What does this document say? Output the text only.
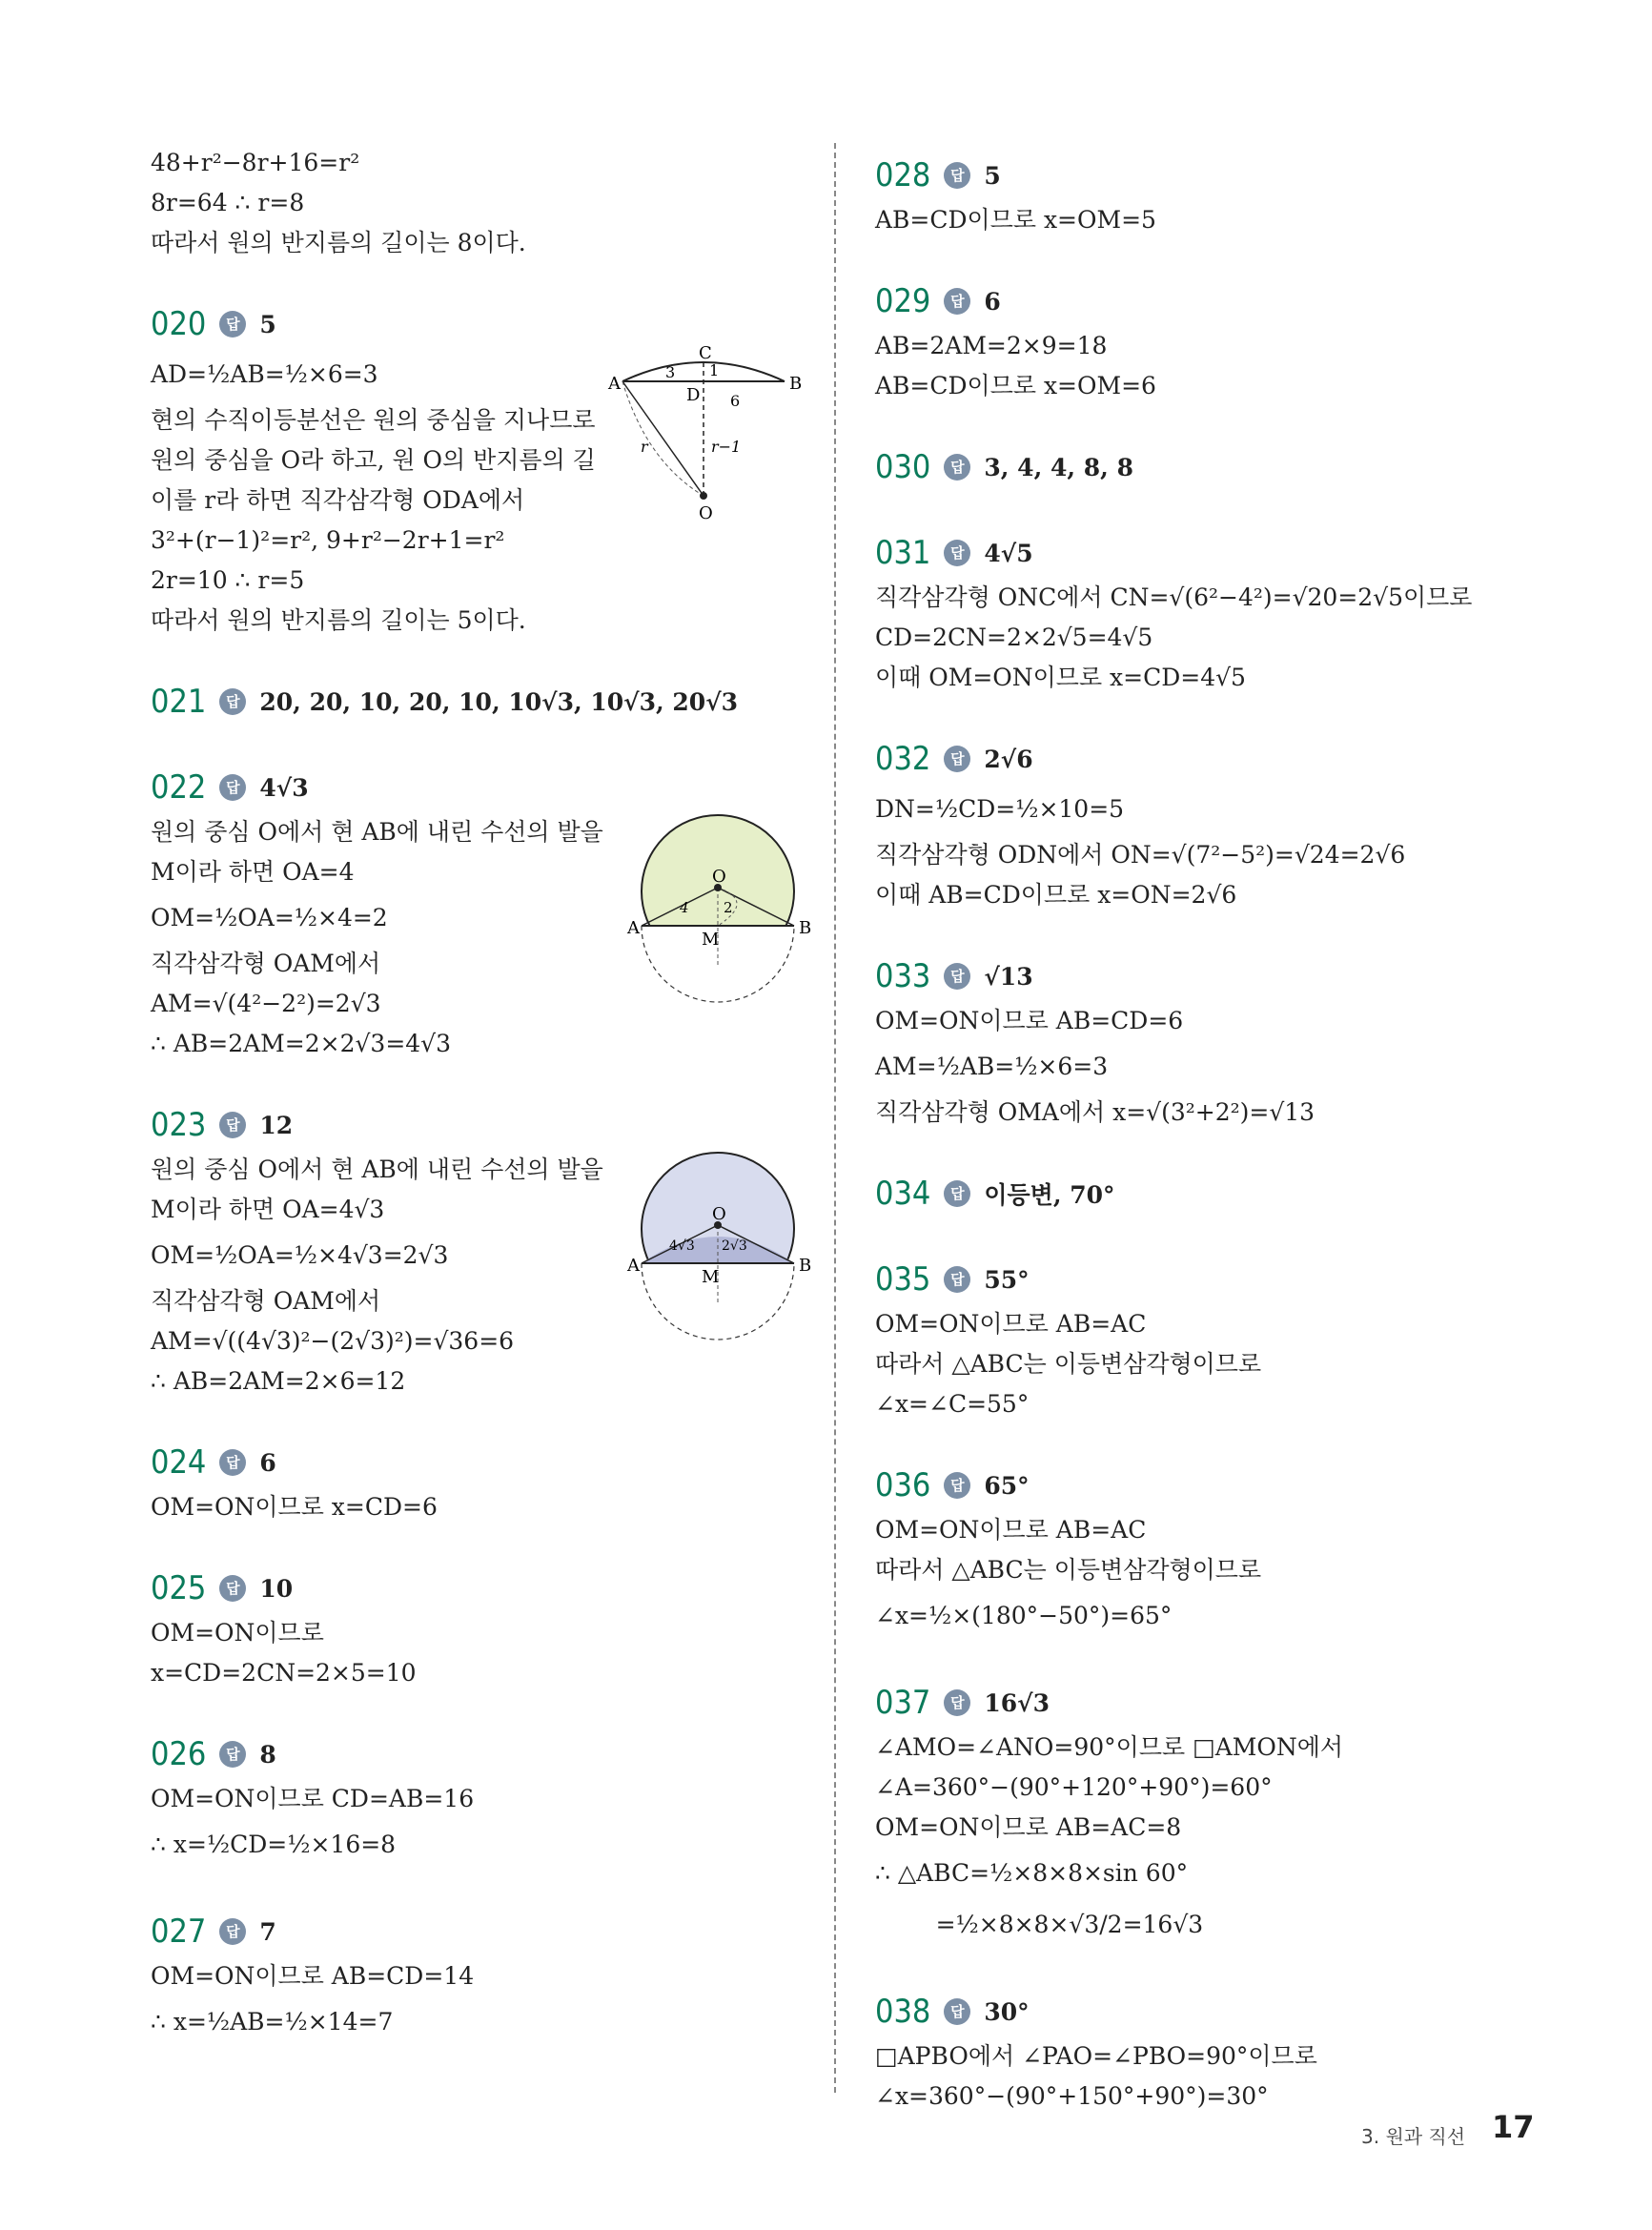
48+r²−8r+16=r²
8r=64 ∴ r=8
따라서 원의 반지름의 길이는 8이다.
020	답 5
AD=½AB=½×6=3
현의 수직이등분선은 원의 중심을 지나므로
원의 중심을 O라 하고, 원 O의 반지름의 길
이를 r라 하면 직각삼각형 ODA에서
3²+(r−1)²=r², 9+r²−2r+1=r²
2r=10 ∴ r=5
따라서 원의 반지름의 길이는 5이다.
A	B
C
D
O
3 1
6
r	r−1
021	답 20, 20, 10, 20, 10, 10√3, 10√3, 20√3
022	답 4√3
원의 중심 O에서 현 AB에 내린 수선의 발을
M이라 하면 OA=4
OM=½OA=½×4=2
직각삼각형 OAM에서
AM=√(4²−2²)=2√3
∴ AB=2AM=2×2√3=4√3
A	B
O
M
4 2
023	답 12
원의 중심 O에서 현 AB에 내린 수선의 발을
M이라 하면 OA=4√3
OM=½OA=½×4√3=2√3
직각삼각형 OAM에서
AM=√((4√3)²−(2√3)²)=√36=6
∴ AB=2AM=2×6=12
A	B
O
M
4√3 2√3
024	답 6
OM=ON이므로 x=CD=6
025	답 10
OM=ON이므로
x=CD=2CN=2×5=10
026	답 8
OM=ON이므로 CD=AB=16
∴ x=½CD=½×16=8
027	답 7
OM=ON이므로 AB=CD=14
∴ x=½AB=½×14=7
028	답 5
AB=CD이므로 x=OM=5
029	답 6
AB=2AM=2×9=18
AB=CD이므로 x=OM=6
030	답 3, 4, 4, 8, 8
031	답 4√5
직각삼각형 ONC에서 CN=√(6²−4²)=√20=2√5이므로
CD=2CN=2×2√5=4√5
이때 OM=ON이므로 x=CD=4√5
032	답 2√6
DN=½CD=½×10=5
직각삼각형 ODN에서 ON=√(7²−5²)=√24=2√6
이때 AB=CD이므로 x=ON=2√6
033	답 √13
OM=ON이므로 AB=CD=6
AM=½AB=½×6=3
직각삼각형 OMA에서 x=√(3²+2²)=√13
034	답 이등변, 70°
035	답 55°
OM=ON이므로 AB=AC
따라서 △ABC는 이등변삼각형이므로
∠x=∠C=55°
036	답 65°
OM=ON이므로 AB=AC
따라서 △ABC는 이등변삼각형이므로
∠x=½×(180°−50°)=65°
037	답 16√3
∠AMO=∠ANO=90°이므로 □AMON에서
∠A=360°−(90°+120°+90°)=60°
OM=ON이므로 AB=AC=8
∴ △ABC=½×8×8×sin 60°
=½×8×8×√3/2=16√3
038	답 30°
□APBO에서 ∠PAO=∠PBO=90°이므로
∠x=360°−(90°+150°+90°)=30°
3. 원과 직선 17
